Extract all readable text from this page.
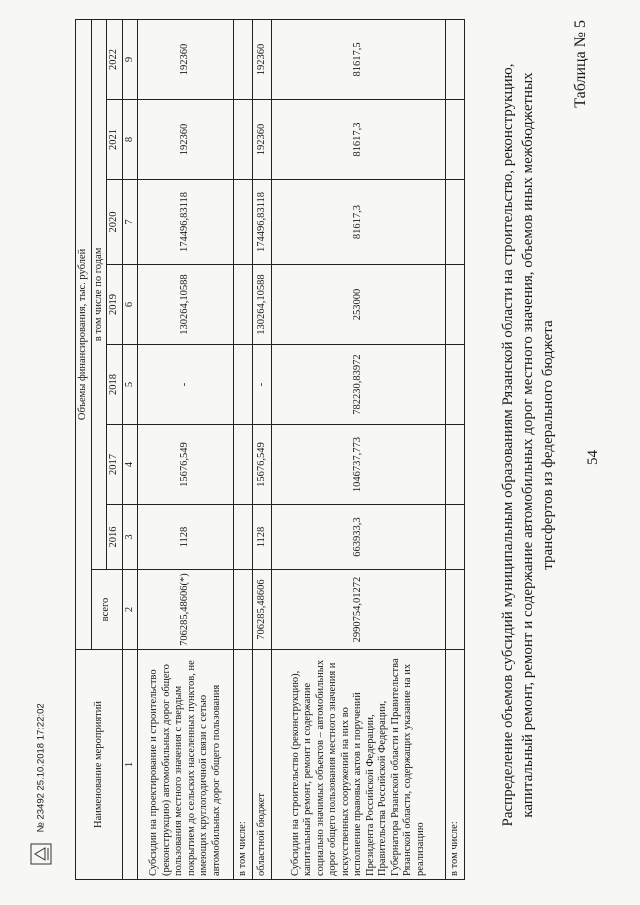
54
Таблица № 5
Распределение объемов субсидий муниципальным образованиям Рязанской области на строительство, реконструкцию, капитальный ремонт, ремонт и содержание автомобильных дорог местного значения, объемов иных межбюджетных трансфертов из федерального бюджета
Наименование мероприятий	Объемы финансирования, тыс. рублей							
	всего	в том числе по годам						
		2016	2017	2018	2019	2020	2021	2022
1	2	3	4	5	6	7	8	9
Субсидии на проектирование и строительство (реконструкцию) автомобильных дорог общего пользования местного значения с твердым покрытием до сельских населенных пунктов, не имеющих круглогодичной связи с сетью автомобильных дорог общего пользования	706285,48606(*)	1128	15676,549	-	130264,10588	174496,83118	192360	192360
в том числе:								
областной бюджет	706285,48606	1128	15676,549	-	130264,10588	174496,83118	192360	192360
Субсидии на строительство (реконструкцию), капитальный ремонт, ремонт и содержание социально значимых объектов – автомобильных дорог общего пользования местного значения и искусственных сооружений на них во исполнение правовых актов и поручений Президента Российской Федерации, Правительства Российской Федерации, Губернатора Рязанской области и Правительства Рязанской области, содержащих указание на их реализацию	2990754,01272	663933,3	1046737,773	782230,83972	253000	81617,3	81617,3	81617,5
в том числе:								
№ 23492 25.10.2018 17:22:02
